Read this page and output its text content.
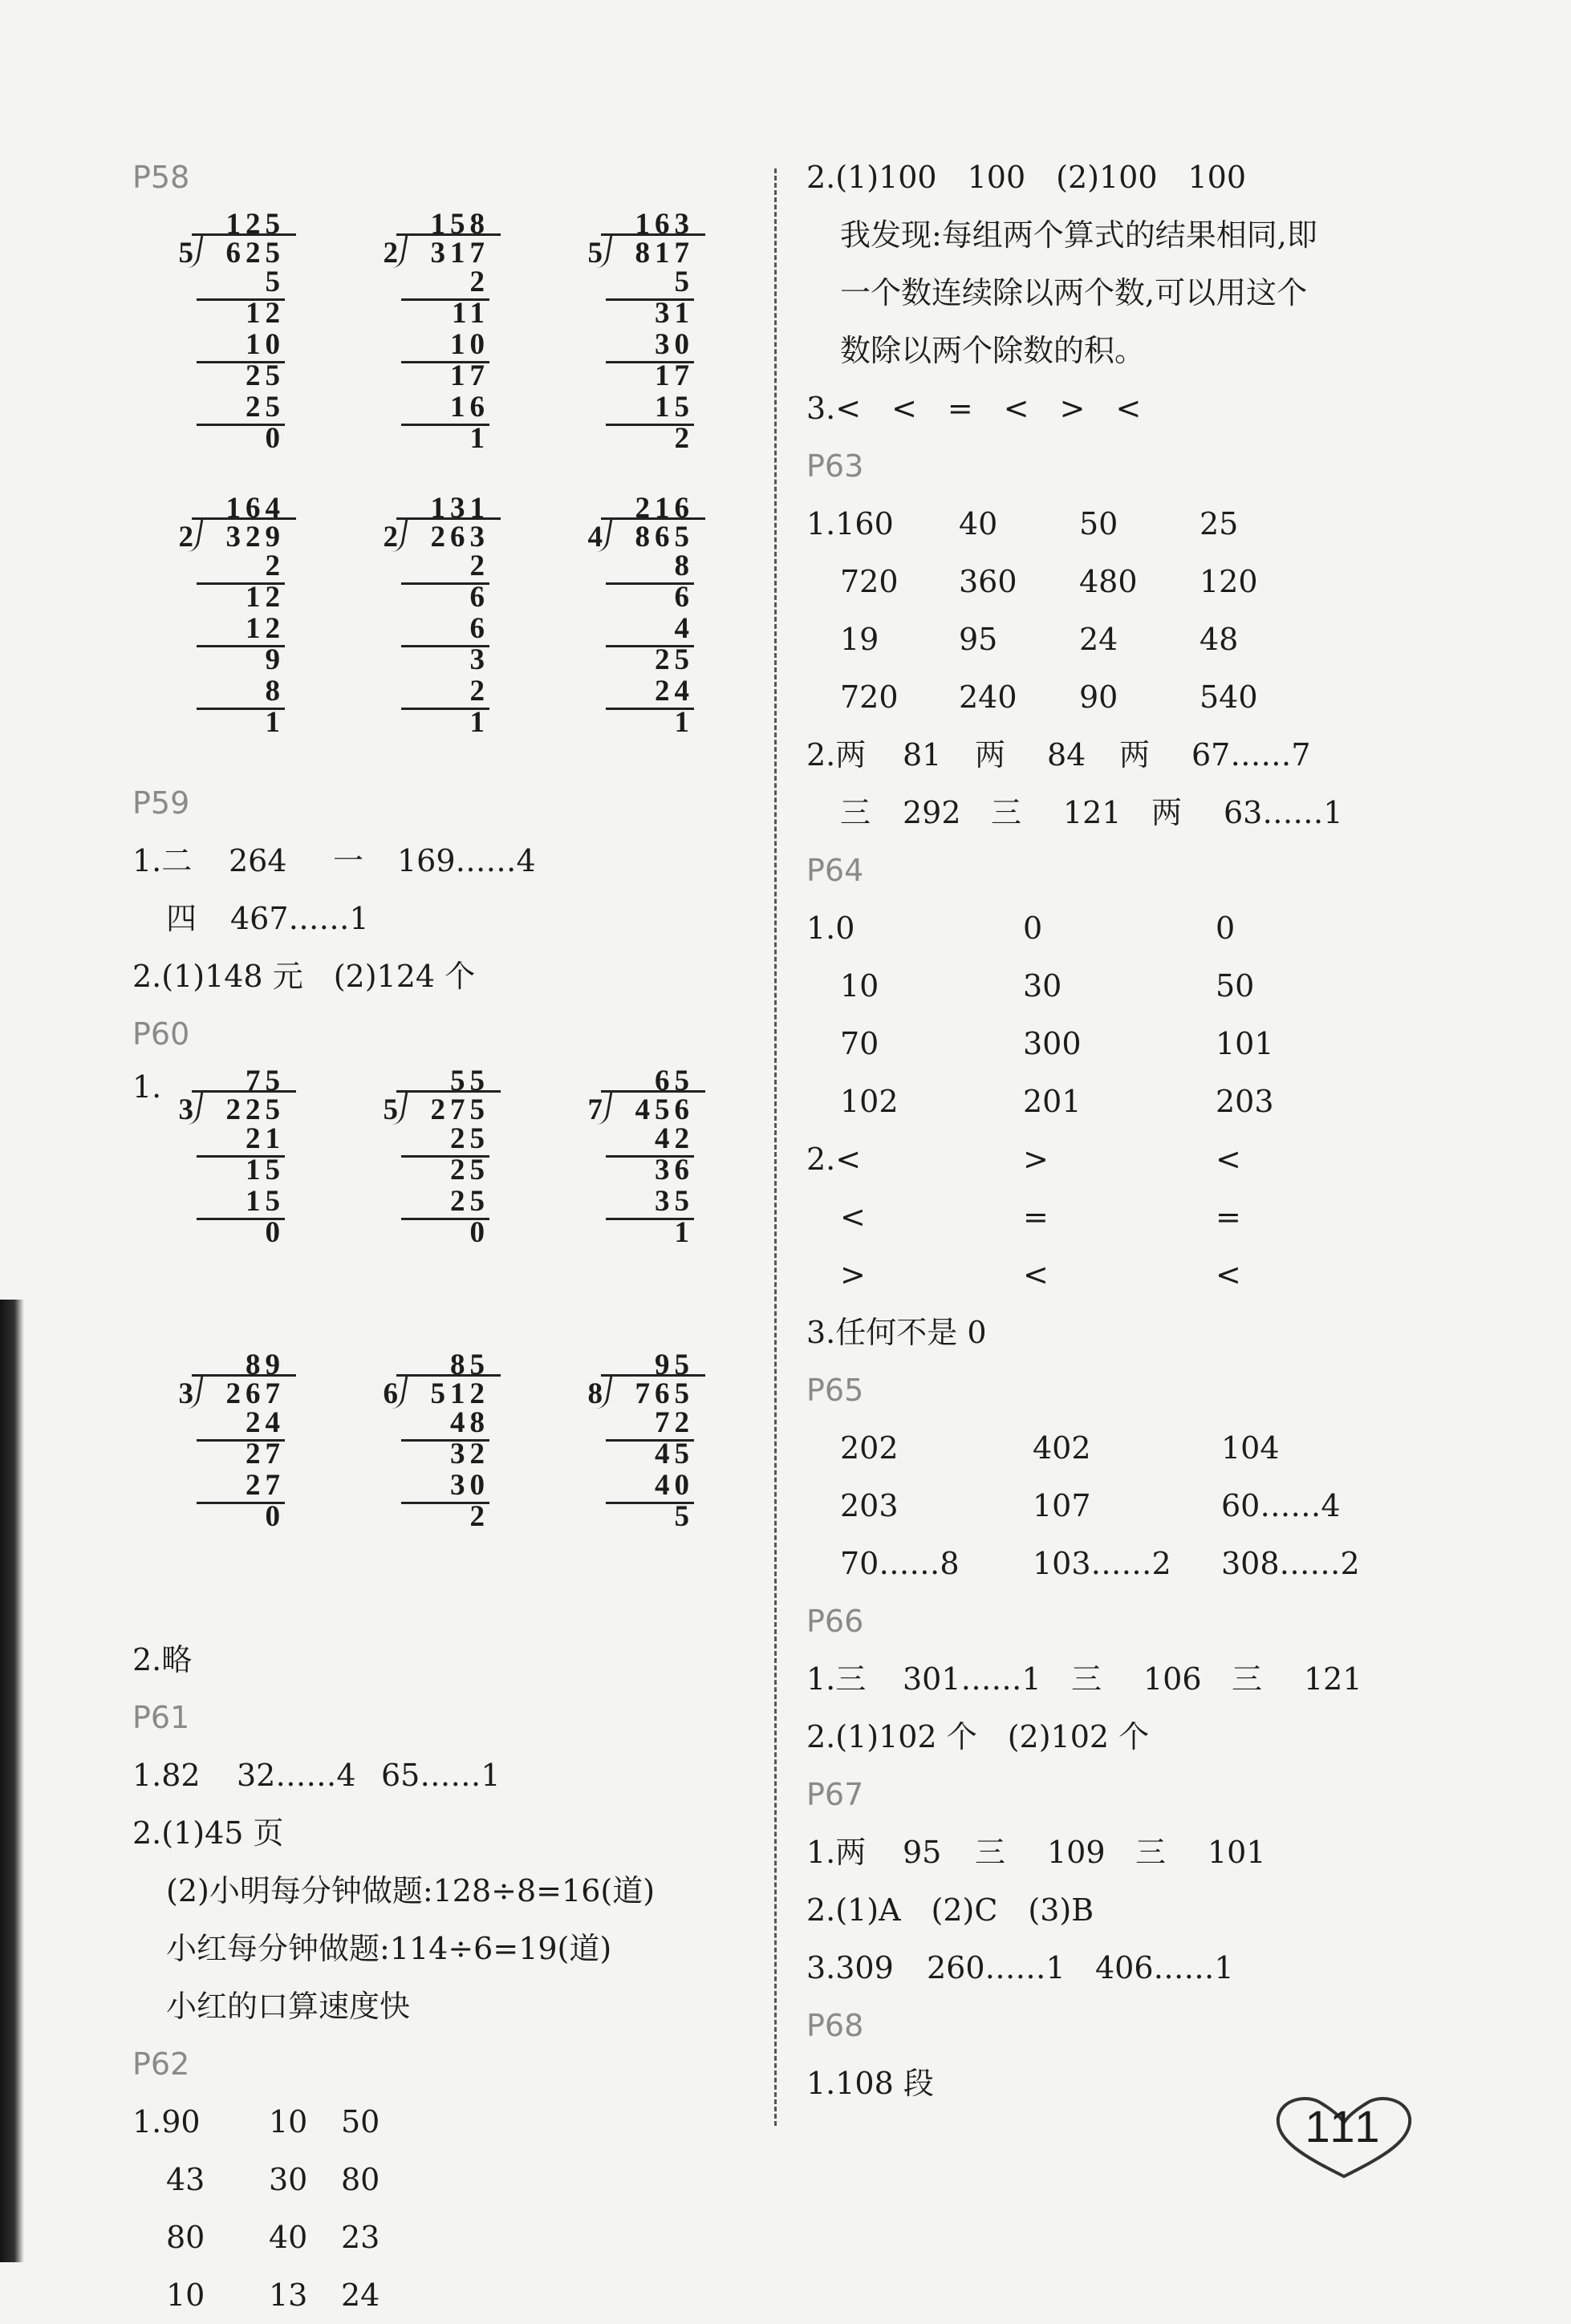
P58
125
5	625
5
12
10
25
25
0
158
2	317
2
11
10
17
16
1
163
5	817
5
31
30
17
15
2
164
2	329
2
12
12
9
8
1
131
2	263
2
6
6
3
2
1
216
4	865
8
6
4
25
24
1
P59
1.二 264 一 169……4
四 467……1
2.(1)148 元　(2)124 个
P60
1.	75
3	225
21
15
15
0
55
5	275
25
25
25
0
65
7	456
42
36
35
1
89
3	267
24
27
27
0
85
6	512
48
32
30
2
95
8	765
72
45
40
5
2.略
P61
1.82 32……4 65……1
2.(1)45 页
(2)小明每分钟做题:128÷8=16(道)
小红每分钟做题:114÷6=19(道)
小红的口算速度快
P62
1.90 10 50
43 30 80
80 40 23
10 13 24
2.(1)100　100　(2)100　100
我发现:每组两个算式的结果相同,即
一个数连续除以两个数,可以用这个
数除以两个除数的积。
3.<　<　=　<　>　<
P63
1.160 40	50	25
720 360 480 120
19	95	24	48
720 240 90	540
2.两 81 两 84 两 67……7
三 292 三 121 两 63……1
P64
1.0	0	0
10	30	50
70	300	101
102	201	203
2.<	>	<
<	=	=
>	<	<
3.任何不是 0
P65
202	402	104
203	107	60……4
70……8 103……2 308……2
P66
1.三 301……1 三 106 三 121
2.(1)102 个　(2)102 个
P67
1.两 95 三 109 三 101
2.(1)A　(2)C　(3)B
3.309 260……1 406……1
P68
1.108 段
111
